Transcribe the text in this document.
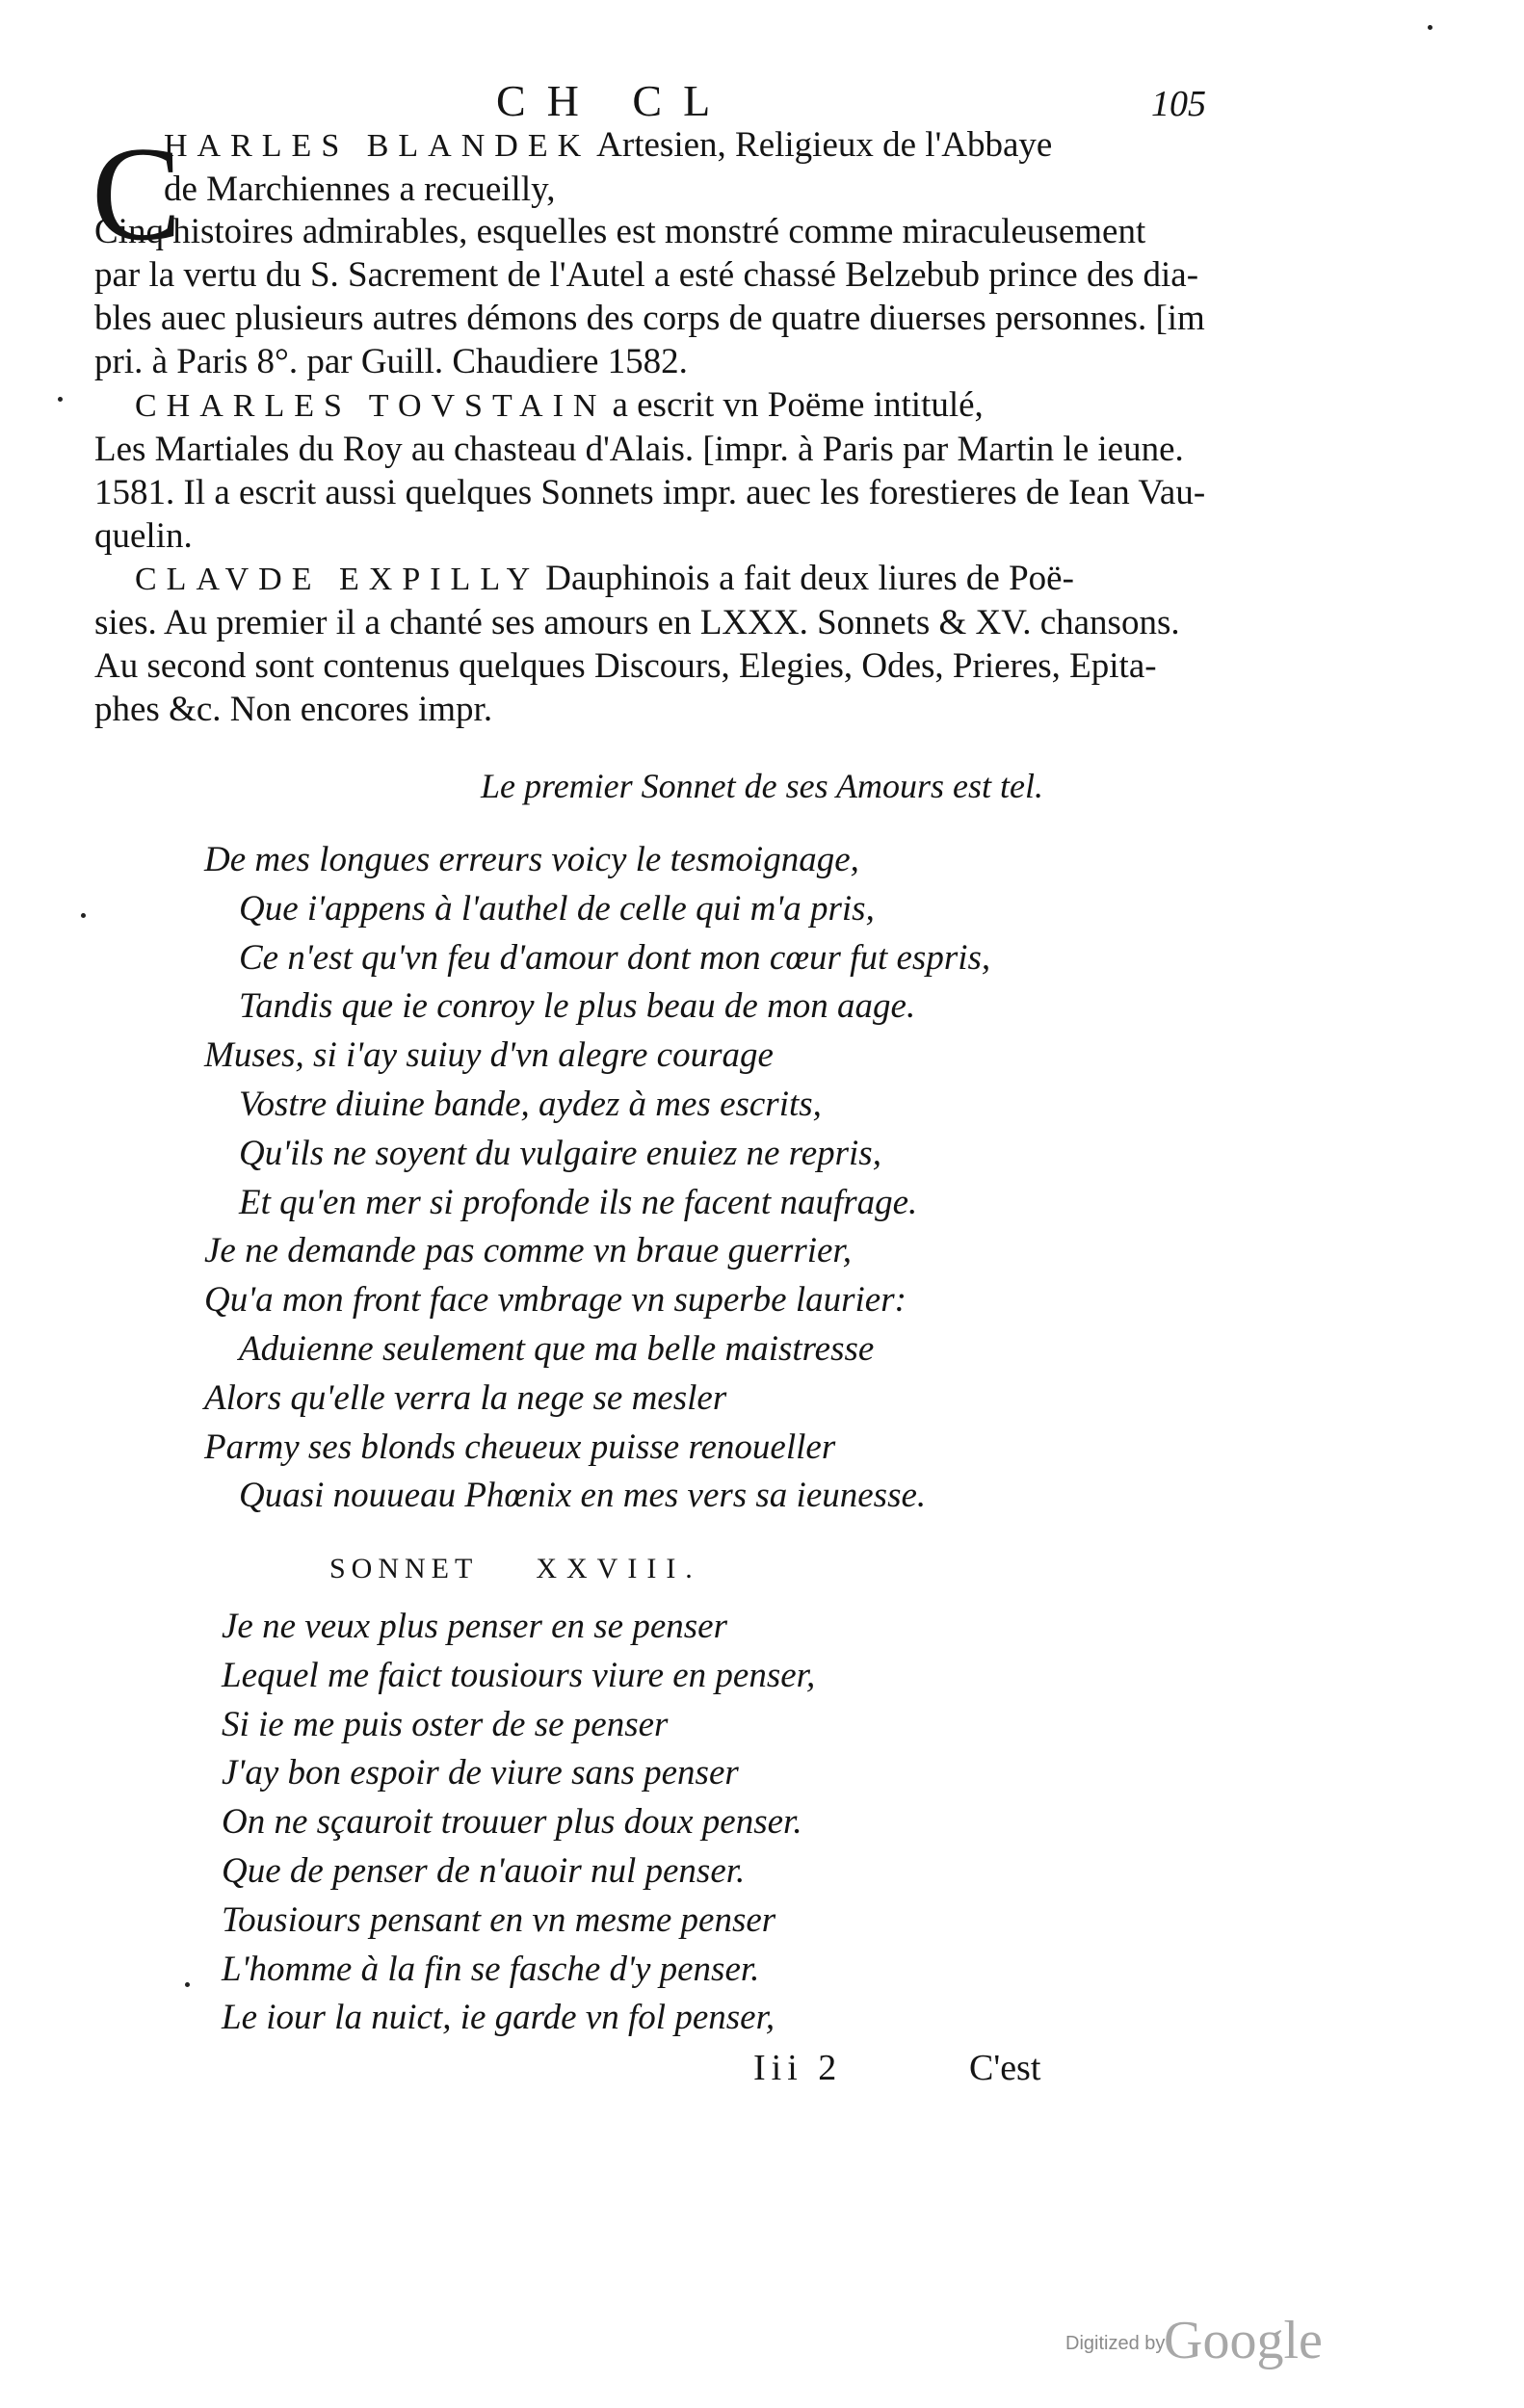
CH CL	105
C
HARLES BLANDEK Artesien, Religieux de l'Abbaye
de Marchiennes a recueilly,
Cinq histoires admirables, esquelles est monstré comme miraculeusement
par la vertu du S. Sacrement de l'Autel a esté chassé Belzebub prince des dia-
bles auec plusieurs autres démons des corps de quatre diuerses personnes. [im
pri. à Paris 8°. par Guill. Chaudiere 1582.
CHARLES TOVSTAIN a escrit vn Poëme intitulé,
Les Martiales du Roy au chasteau d'Alais. [impr. à Paris par Martin le ieune.
1581. Il a escrit aussi quelques Sonnets impr. auec les forestieres de Iean Vau-
quelin.
CLAVDE EXPILLY Dauphinois a fait deux liures de Poë-
sies. Au premier il a chanté ses amours en LXXX. Sonnets & XV. chansons.
Au second sont contenus quelques Discours, Elegies, Odes, Prieres, Epita-
phes &c. Non encores impr.
Le premier Sonnet de ses Amours est tel.
De mes longues erreurs voicy le tesmoignage,
Que i'appens à l'authel de celle qui m'a pris,
Ce n'est qu'vn feu d'amour dont mon cœur fut espris,
Tandis que ie conroy le plus beau de mon aage.
Muses, si i'ay suiuy d'vn alegre courage
Vostre diuine bande, aydez à mes escrits,
Qu'ils ne soyent du vulgaire enuiez ne repris,
Et qu'en mer si profonde ils ne facent naufrage.
Je ne demande pas comme vn braue guerrier,
Qu'a mon front face vmbrage vn superbe laurier:
Aduienne seulement que ma belle maistresse
Alors qu'elle verra la nege se mesler
Parmy ses blonds cheueux puisse renoueller
Quasi nouueau Phœnix en mes vers sa ieunesse.
SONNET XXVIII.
Je ne veux plus penser en se penser
Lequel me faict tousiours viure en penser,
Si ie me puis oster de se penser
J'ay bon espoir de viure sans penser
On ne sçauroit trouuer plus doux penser.
Que de penser de n'auoir nul penser.
Tousiours pensant en vn mesme penser
L'homme à la fin se fasche d'y penser.
Le iour la nuict, ie garde vn fol penser,
Iii 2	C'est
Digitized by
Google
